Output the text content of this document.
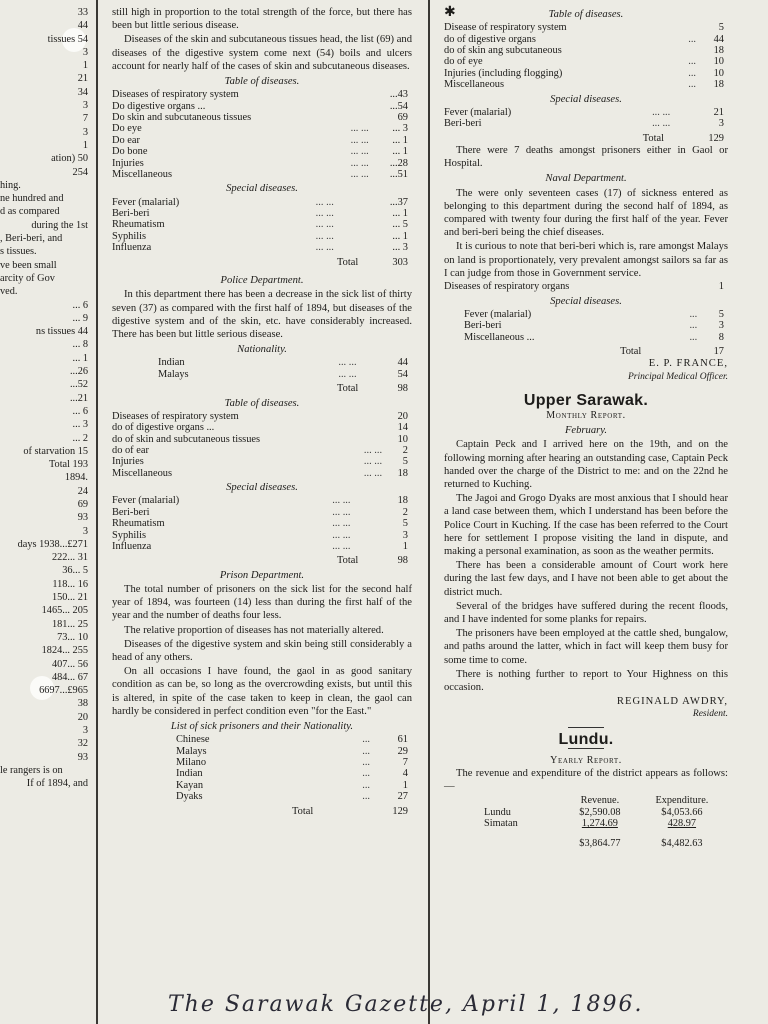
33
44
tissues 54
3
1
21
34
3
7
3
1
ation) 50
254
hing.
ne hundred and
d as compared
during the 1st
, Beri-beri, and
s tissues.
ve been small
arcity of Gov
ved.
... 6
... 9
ns tissues 44
... 8
... 1
...26
...52
...21
... 6
... 3
... 2
of starvation 15
Total 193
1894.
24
69
93
3
days 1938...£271
222... 31
36... 5
118... 16
150... 21
1465... 205
181... 25
73... 10
1824... 255
407... 56
484... 67
6697...£965
38
20
3
32
93
le rangers is on
If of 1894, and

still high in proportion to the total strength of the force, but there has been but little serious disease.

Diseases of the skin and subcutaneous tissues head, the list (69) and diseases of the digestive system come next (54) boils and ulcers account for nearly half of the cases of skin and subcutaneous diseases.

Table of diseases.
Diseases of respiratory system		...43
Do digestive organs ...		...54
Do skin and subcutaneous tissues		69
Do eye	... ...	... 3
Do ear	... ...	... 1
Do bone	... ...	... 1
Injuries	... ...	...28
Miscellaneous	... ...	...51
Special diseases.
Fever (malarial)	... ...	...37
Beri-beri	... ...	... 1
Rheumatism	... ...	... 5
Syphilis	... ...	... 1
Influenza	... ...	... 3
	Total	303
Police Department.

In this department there has been a decrease in the sick list of thirty seven (37) as compared with the first half of 1894, but diseases of the digestive system and of the skin, etc. have considerably increased. There has been but little serious disease.

Nationality.
Indian	... ...	44
Malays	... ...	54
	Total	98
Table of diseases.
Diseases of respiratory system		20
do of digestive organs ...		14
do of skin and subcutaneous tissues		10
do of ear	... ...	2
Injuries	... ...	5
Miscellaneous	... ...	18
Special diseases.
Fever (malarial)	... ...	18
Beri-beri	... ...	2
Rheumatism	... ...	5
Syphilis	... ...	3
Influenza	... ...	1
	Total	98
Prison Department.

The total number of prisoners on the sick list for the second half year of 1894, was fourteen (14) less than during the first half of the year and the number of deaths four less.

The relative proportion of diseases has not materially altered.

Diseases of the digestive system and skin being still considerably a head of any others.

On all occasions I have found, the gaol in as good sanitary condition as can be, so long as the overcrowding exists, but until this is altered, in spite of the case taken to keep in clean, the gaol can hardly be considered in perfect condition even "for the East."

List of sick prisoners and their Nationality.
Chinese	...	61
Malays	...	29
Milano	...	7
Indian	...	4
Kayan	...	1
Dyaks	...	27
	Total	129
✱	Table of diseases.
Disease of respiratory system		5
do of digestive organs	...	44
do of skin ang subcutaneous		18
do of eye	...	10
Injuries (including flogging)	...	10
Miscellaneous	...	18
Special diseases.
Fever (malarial)	... ...	21
Beri-beri	... ...	3
	Total	129

There were 7 deaths amongst prisoners either in Gaol or Hospital.

Naval Department.

The were only seventeen cases (17) of sickness entered as belonging to this department during the second half of 1894, as compared with twenty four during the first half of the year. Fever and beri-beri being the chief diseases.

It is curious to note that beri-beri which is, rare amongst Malays on land is proportionately, very prevalent amongst sailors sa far as I can judge from those in Government service.

Diseases of respiratory organs		1
Special diseases.
Fever (malarial)	...	5
Beri-beri	...	3
Miscellaneous ...	...	8
	Total	17
E. P. FRANCE,
Principal Medical Officer.
Upper Sarawak.
Monthly Report.
February.

Captain Peck and I arrived here on the 19th, and on the following morning after hearing an outstanding case, Captain Peck handed over the charge of the District to me: and on the 22nd he returned to Kuching.

The Jagoi and Grogo Dyaks are most anxious that I should hear a land case between them, which I understand has been before the Police Court in Kuching. If the case has been referred to the Court here for settlement I propose visiting the land in dispute, and making a personal examination, as soon as the weather permits.

There has been a considerable amount of Court work here during the last few days, and I have not been able to get about the district much.

Several of the bridges have suffered during the recent floods, and I have indented for some planks for repairs.

The prisoners have been employed at the cattle shed, bungalow, and paths around the latter, which in fact will keep them busy for some time to come.

There is nothing further to report to Your Highness on this occasion.

REGINALD AWDRY,
Resident.
Lundu.
Yearly Report.

The revenue and expenditure of the district appears as follows:—

		Revenue.	Expenditure.
	Lundu	$2,590.08	$4,053.66
	Simatan	1,274.69	428.97
		$3,864.77	$4,482.63
The Sarawak Gazette, April 1, 1896.
